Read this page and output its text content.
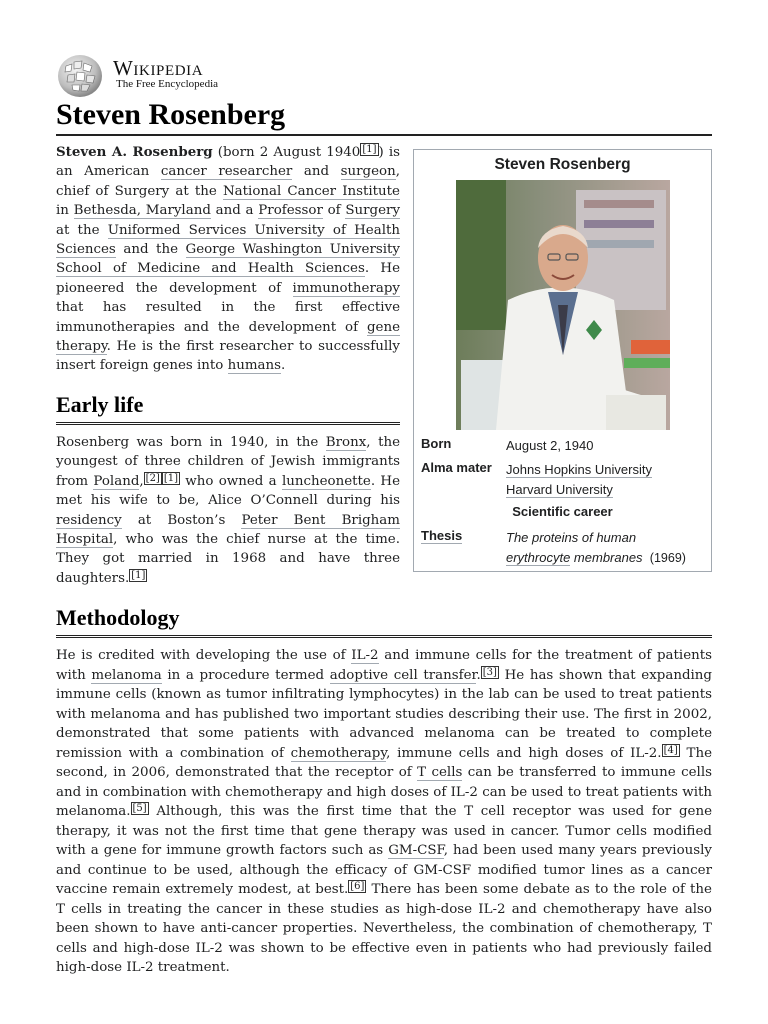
Wikipedia
The Free Encyclopedia
Steven Rosenberg

Steven A. Rosenberg (born 2 August 1940 [1] ) is an American cancer researcher and surgeon, chief of Surgery at the National Cancer Institute in Bethesda, Maryland and a Professor of Surgery at the Uniformed Services University of Health Sciences and the George Washington University School of Medicine and Health Sciences. He pioneered the development of immunotherapy that has resulted in the first effective immunotherapies and the development of gene therapy. He is the first researcher to successfully insert foreign genes into humans.

Early life

Rosenberg was born in 1940, in the Bronx, the youngest of three children of Jewish immigrants from Poland, [2] [1] who owned a luncheonette. He met his wife to be, Alice O’Connell during his residency at Boston’s Peter Bent Brigham Hospital, who was the chief nurse at the time. They got married in 1968 and have three daughters. [1]

Methodology

He is credited with developing the use of IL-2 and immune cells for the treatment of patients with melanoma in a procedure termed adoptive cell transfer. [3] He has shown that expanding immune cells (known as tumor infiltrating lymphocytes) in the lab can be used to treat patients with melanoma and has published two important studies describing their use. The first in 2002, demonstrated that some patients with advanced melanoma can be treated to complete remission with a combination of chemotherapy, immune cells and high doses of IL-2. [4] The second, in 2006, demonstrated that the receptor of T cells can be transferred to immune cells and in combination with chemotherapy and high doses of IL-2 can be used to treat patients with melanoma. [5] Although, this was the first time that the T cell receptor was used for gene therapy, it was not the first time that gene therapy was used in cancer. Tumor cells modified with a gene for immune growth factors such as GM-CSF, had been used many years previously and continue to be used, although the efficacy of GM-CSF modified tumor lines as a cancer vaccine remain extremely modest, at best. [6] There has been some debate as to the role of the T cells in treating the cancer in these studies as high-dose IL-2 and chemotherapy have also been shown to have anti-cancer properties. Nevertheless, the combination of chemotherapy, T cells and high-dose IL-2 was shown to be effective even in patients who had previously failed high-dose IL-2 treatment.

Steven Rosenberg
Born	August 2, 1940
Alma mater	Johns Hopkins University
Harvard University
Scientific career
Thesis	The proteins of human
erythrocyte membranes (1969)
